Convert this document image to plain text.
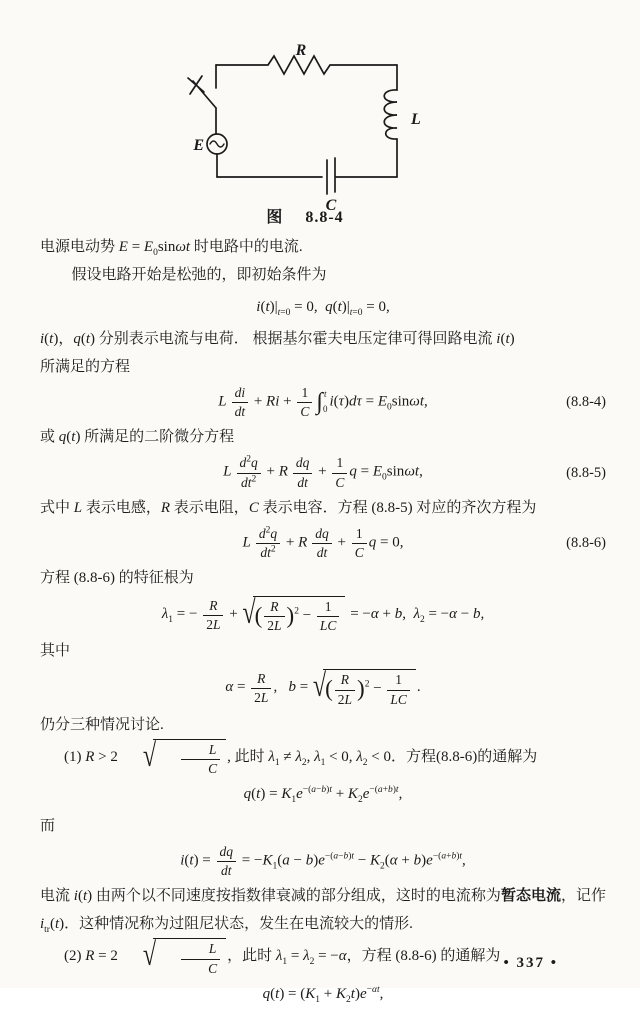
R
L
C
E
图 8.8-4

电源电动势 $E = E_0\sin\omega t$ 时电路中的电流.

假设电路开始是松弛的，即初始条件为

$i(t)|_{t=0} = 0$,  $q(t)|_{t=0} = 0$,

i(t)，q(t) 分别表示电流与电荷． 根据基尔霍夫电压定律可得回路电流 i(t)

所满足的方程

L  $\frac{di}{dt} + Ri + \frac{1}{C}$ ∫ t
0 $i(\tau)d\tau = E_0\sin\omega t$,	(8.8-4)

或 q(t) 所满足的二阶微分方程

L  $\frac{d^2q}{dt^2} + R \frac{dq}{dt} + \frac{1}{C}$ $q = E_0\sin\omega t$,	(8.8-5)

式中 L 表示电感，R 表示电阻，C 表示电容．方程 (8.8-5) 对应的齐次方程为

L  $\frac{d^2q}{dt^2} + R \frac{dq}{dt} + \frac{1}{C}$ q = 0,	(8.8-6)

方程 (8.8-6) 的特征根为

$\lambda_1$ = − $\frac{R}{2L}$ + √ ( $\frac{R}{2L} )^2 - \frac{1}{LC} = -\alpha + b$,  $\lambda_2 = -\alpha - b$,

其中

$\alpha = \frac{R}{2L}$ ,   b = √ ( $\frac{R}{2L} )^2 - \frac{1}{LC}$ .

仍分三种情况讨论.

(1) R > 2	√ $\frac{L}{C}$ , 此时 $\lambda_1 \ne \lambda_2$, $\lambda_1 < 0$, $\lambda_2 < 0$．方程(8.8-6)的通解为

$q(t) = K_1e^{-(a-b)t} + K_2e^{-(a+b)t}$,

而

$i(t) = \frac{dq}{dt} = -K_1(a - b)e^{-(a-b)t} - K_2(\alpha + b)e^{-(a+b)t}$,

电流 i(t) 由两个以不同速度按指数律衰减的部分组成，这时的电流称为暂态电流，记作 $i_{tr}(t)$．这种情况称为过阻尼状态，发生在电流较大的情形.

(2) R = 2	√ $\frac{L}{C}$ ，此时 $\lambda_1 = \lambda_2 = -\alpha$，方程 (8.8-6) 的通解为

$q(t) = (K_1 + K_2t)e^{-\alpha t}$,
• 337 •
